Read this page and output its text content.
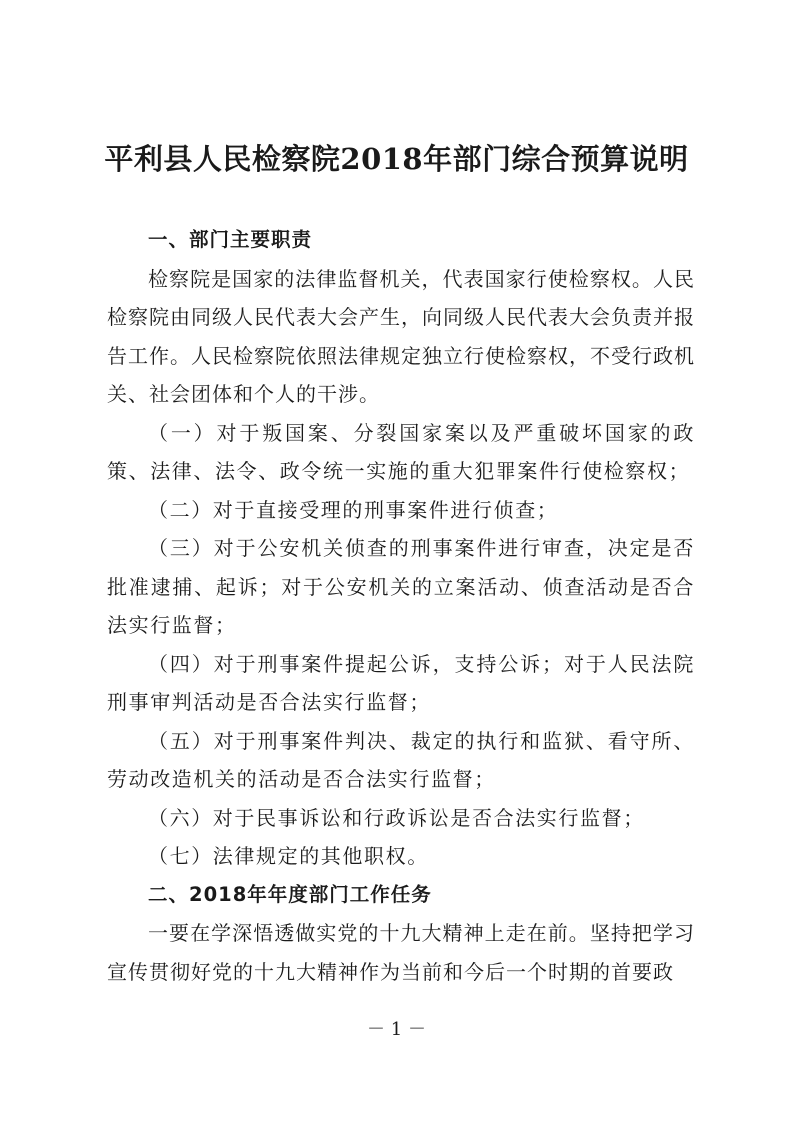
平利县人民检察院2018年部门综合预算说明

一、部门主要职责

检察院是国家的法律监督机关，代表国家行使检察权。人民检察院由同级人民代表大会产生，向同级人民代表大会负责并报告工作。人民检察院依照法律规定独立行使检察权，不受行政机关、社会团体和个人的干涉。

（一）对于叛国案、分裂国家案以及严重破坏国家的政策、法律、法令、政令统一实施的重大犯罪案件行使检察权；

（二）对于直接受理的刑事案件进行侦查；

（三）对于公安机关侦查的刑事案件进行审查，决定是否批准逮捕、起诉；对于公安机关的立案活动、侦查活动是否合法实行监督；

（四）对于刑事案件提起公诉，支持公诉；对于人民法院刑事审判活动是否合法实行监督；

（五）对于刑事案件判决、裁定的执行和监狱、看守所、劳动改造机关的活动是否合法实行监督；

（六）对于民事诉讼和行政诉讼是否合法实行监督；

（七）法律规定的其他职权。

二、2018年年度部门工作任务

一要在学深悟透做实党的十九大精神上走在前。坚持把学习宣传贯彻好党的十九大精神作为当前和今后一个时期的首要政

－ 1 －
